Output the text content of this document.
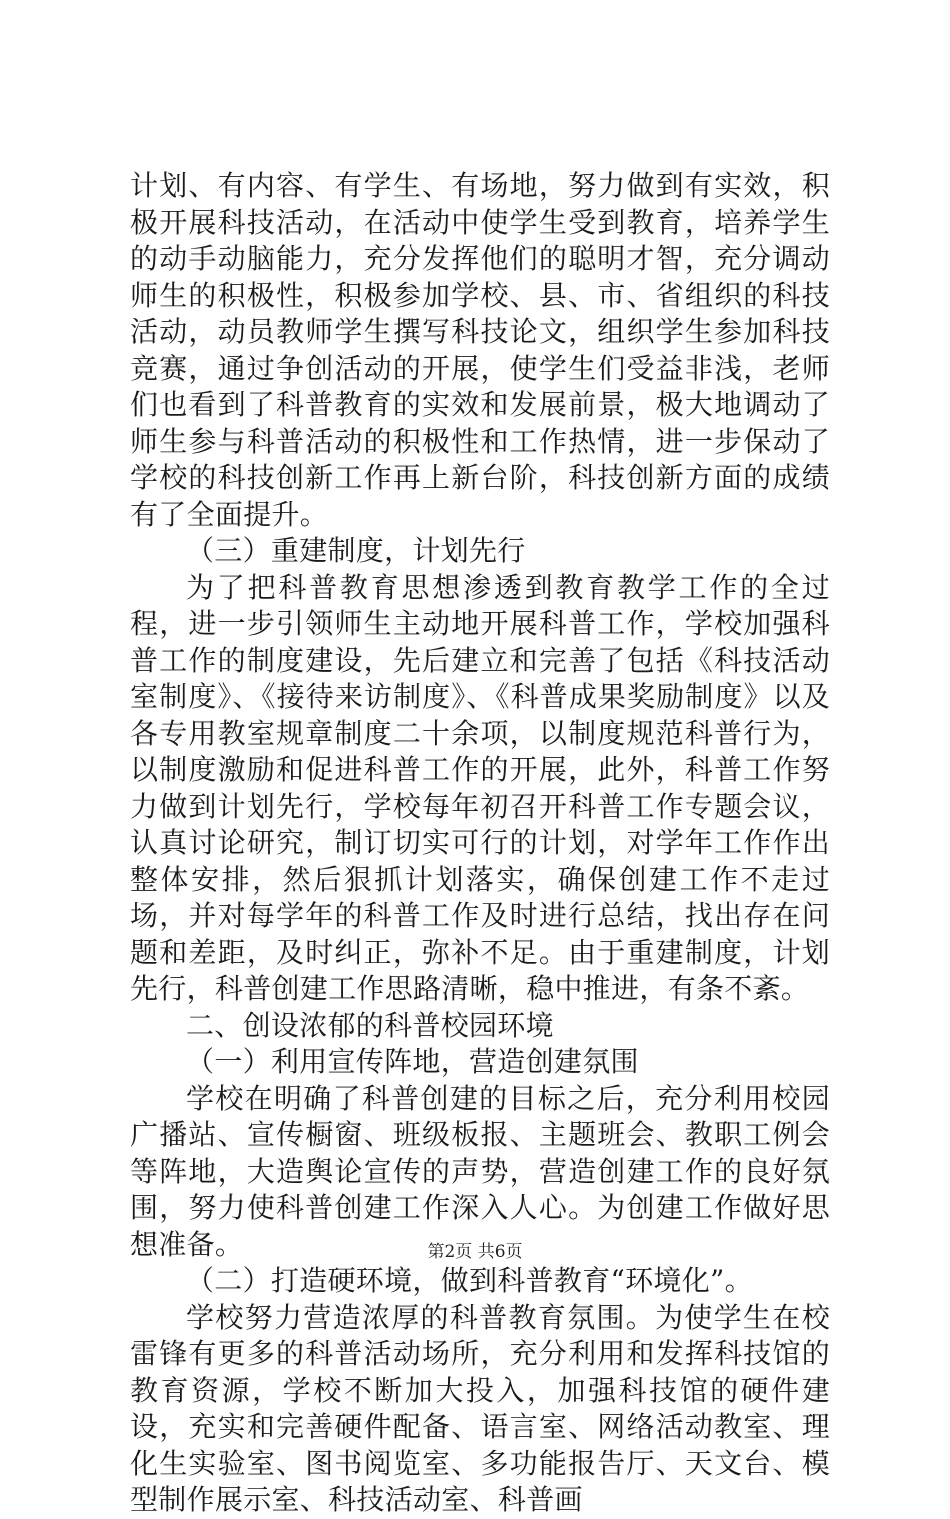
计划、有内容、有学生、有场地，努力做到有实效，积极开展科技活动，在活动中使学生受到教育，培养学生的动手动脑能力，充分发挥他们的聪明才智，充分调动师生的积极性，积极参加学校、县、市、省组织的科技活动，动员教师学生撰写科技论文，组织学生参加科技竞赛，通过争创活动的开展，使学生们受益非浅，老师们也看到了科普教育的实效和发展前景，极大地调动了师生参与科普活动的积极性和工作热情，进一步保动了学校的科技创新工作再上新台阶，科技创新方面的成绩有了全面提升。

（三）重建制度，计划先行

为了把科普教育思想渗透到教育教学工作的全过程，进一步引领师生主动地开展科普工作，学校加强科普工作的制度建设，先后建立和完善了包括《科技活动室制度》、《接待来访制度》、《科普成果奖励制度》以及各专用教室规章制度二十余项，以制度规范科普行为，以制度激励和促进科普工作的开展，此外，科普工作努力做到计划先行，学校每年初召开科普工作专题会议，认真讨论研究，制订切实可行的计划，对学年工作作出整体安排，然后狠抓计划落实，确保创建工作不走过场，并对每学年的科普工作及时进行总结，找出存在问题和差距，及时纠正，弥补不足。由于重建制度，计划先行，科普创建工作思路清晰，稳中推进，有条不紊。

二、创设浓郁的科普校园环境

（一）利用宣传阵地，营造创建氛围

学校在明确了科普创建的目标之后，充分利用校园广播站、宣传橱窗、班级板报、主题班会、教职工例会等阵地，大造舆论宣传的声势，营造创建工作的良好氛围，努力使科普创建工作深入人心。为创建工作做好思想准备。

（二）打造硬环境，做到科普教育“环境化”。

学校努力营造浓厚的科普教育氛围。为使学生在校雷锋有更多的科普活动场所，充分利用和发挥科技馆的教育资源，学校不断加大投入，加强科技馆的硬件建设，充实和完善硬件配备、语言室、网络活动教室、理化生实验室、图书阅览室、多功能报告厅、天文台、模型制作展示室、科技活动室、科普画

第2页 共6页
